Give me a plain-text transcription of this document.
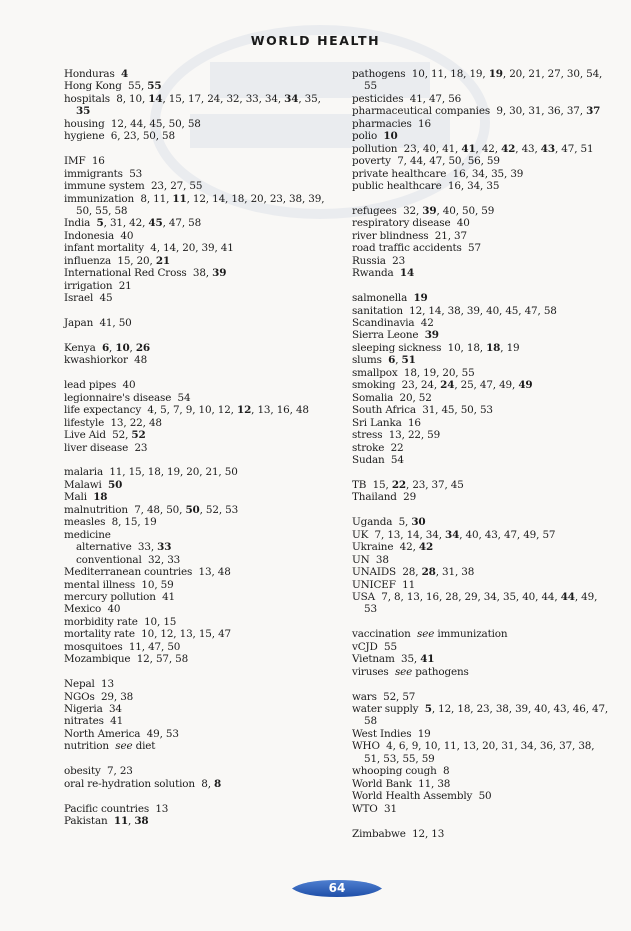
WORLD HEALTH
Honduras 4
Hong Kong 55, 55
hospitals 8, 10, 14, 15, 17, 24, 32, 33, 34, 34, 35, 35
housing 12, 44, 45, 50, 58
hygiene 6, 23, 50, 58
IMF 16
immigrants 53
immune system 23, 27, 55
immunization 8, 11, 11, 12, 14, 18, 20, 23, 38, 39, 50, 55, 58
India 5, 31, 42, 45, 47, 58
Indonesia 40
infant mortality 4, 14, 20, 39, 41
influenza 15, 20, 21
International Red Cross 38, 39
irrigation 21
Israel 45
Japan 41, 50
Kenya 6, 10, 26
kwashiorkor 48
lead pipes 40
legionnaire's disease 54
life expectancy 4, 5, 7, 9, 10, 12, 12, 13, 16, 48
lifestyle 13, 22, 48
Live Aid 52, 52
liver disease 23
malaria 11, 15, 18, 19, 20, 21, 50
Malawi 50
Mali 18
malnutrition 7, 48, 50, 50, 52, 53
measles 8, 15, 19
medicine
alternative 33, 33
conventional 32, 33
Mediterranean countries 13, 48
mental illness 10, 59
mercury pollution 41
Mexico 40
morbidity rate 10, 15
mortality rate 10, 12, 13, 15, 47
mosquitoes 11, 47, 50
Mozambique 12, 57, 58
Nepal 13
NGOs 29, 38
Nigeria 34
nitrates 41
North America 49, 53
nutrition see diet
obesity 7, 23
oral re-hydration solution 8, 8
Pacific countries 13
Pakistan 11, 38
pathogens 10, 11, 18, 19, 19, 20, 21, 27, 30, 54, 55
pesticides 41, 47, 56
pharmaceutical companies 9, 30, 31, 36, 37, 37
pharmacies 16
polio 10
pollution 23, 40, 41, 41, 42, 42, 43, 43, 47, 51
poverty 7, 44, 47, 50, 56, 59
private healthcare 16, 34, 35, 39
public healthcare 16, 34, 35
refugees 32, 39, 40, 50, 59
respiratory disease 40
river blindness 21, 37
road traffic accidents 57
Russia 23
Rwanda 14
salmonella 19
sanitation 12, 14, 38, 39, 40, 45, 47, 58
Scandinavia 42
Sierra Leone 39
sleeping sickness 10, 18, 18, 19
slums 6, 51
smallpox 18, 19, 20, 55
smoking 23, 24, 24, 25, 47, 49, 49
Somalia 20, 52
South Africa 31, 45, 50, 53
Sri Lanka 16
stress 13, 22, 59
stroke 22
Sudan 54
TB 15, 22, 23, 37, 45
Thailand 29
Uganda 5, 30
UK 7, 13, 14, 34, 34, 40, 43, 47, 49, 57
Ukraine 42, 42
UN 38
UNAIDS 28, 28, 31, 38
UNICEF 11
USA 7, 8, 13, 16, 28, 29, 34, 35, 40, 44, 44, 49, 53
vaccination see immunization
vCJD 55
Vietnam 35, 41
viruses see pathogens
wars 52, 57
water supply 5, 12, 18, 23, 38, 39, 40, 43, 46, 47, 58
West Indies 19
WHO 4, 6, 9, 10, 11, 13, 20, 31, 34, 36, 37, 38, 51, 53, 55, 59
whooping cough 8
World Bank 11, 38
World Health Assembly 50
WTO 31
Zimbabwe 12, 13
64
